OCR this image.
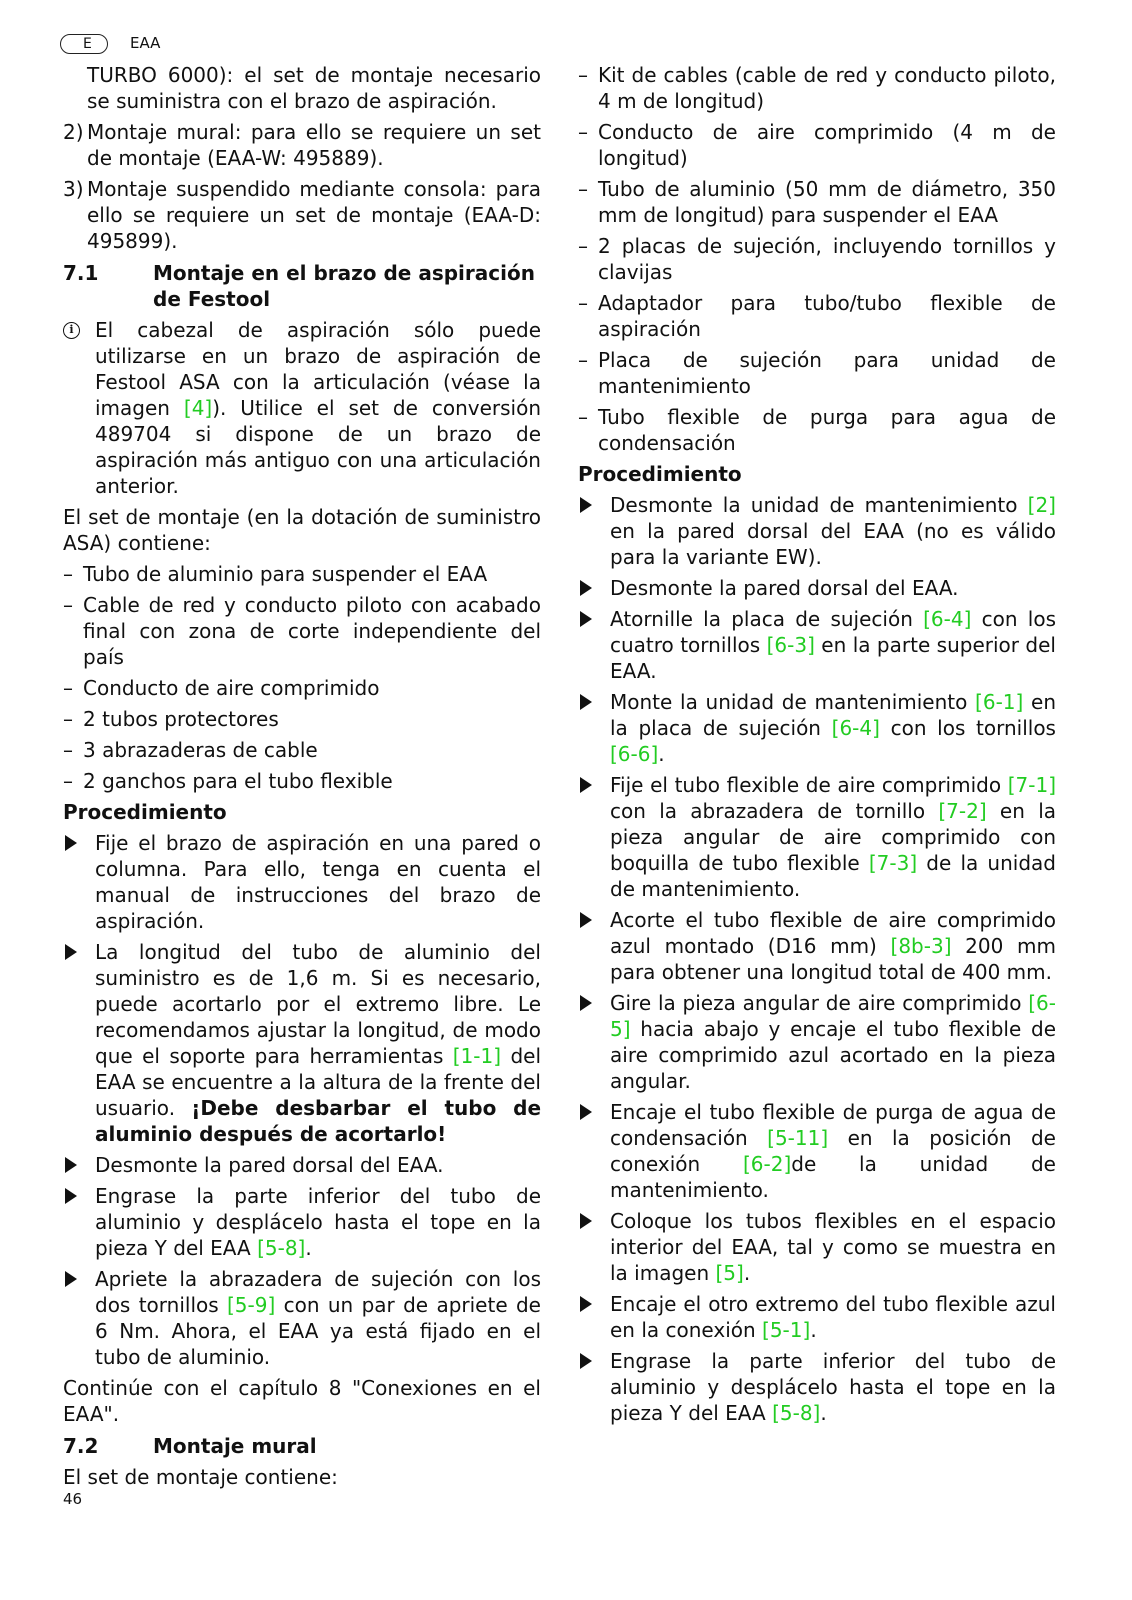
E	EAA

TURBO 6000): el set de montaje necesario se suministra con el brazo de aspiración.

2) Montaje mural: para ello se requiere un set de montaje (EAA-W: 495889).

3) Montaje suspendido mediante consola: para ello se requiere un set de montaje (EAA-D: 495899).

7.1	Montaje en el brazo de aspiración de Festool

i	El cabezal de aspiración sólo puede utilizarse en un brazo de aspiración de Festool ASA con la articulación (véase la imagen [4]). Utilice el set de conversión 489704 si dispone de un brazo de aspiración más antiguo con una articulación anterior.

El set de montaje (en la dotación de suministro ASA) contiene:

– Tubo de aluminio para suspender el EAA

– Cable de red y conducto piloto con acabado final con zona de corte independiente del país

– Conducto de aire comprimido

– 2 tubos protectores

– 3 abrazaderas de cable

– 2 ganchos para el tubo flexible

Procedimiento

Fije el brazo de aspiración en una pared o columna. Para ello, tenga en cuenta el manual de instrucciones del brazo de aspiración.

La longitud del tubo de aluminio del suministro es de 1,6 m. Si es necesario, puede acortarlo por el extremo libre. Le recomendamos ajustar la longitud, de modo que el soporte para herramientas [1-1] del EAA se encuentre a la altura de la frente del usuario. ¡Debe desbarbar el tubo de aluminio después de acortarlo!

Desmonte la pared dorsal del EAA.

Engrase la parte inferior del tubo de aluminio y desplácelo hasta el tope en la pieza Y del EAA [5-8].

Apriete la abrazadera de sujeción con los dos tornillos [5-9] con un par de apriete de 6 Nm. Ahora, el EAA ya está fijado en el tubo de aluminio.

Continúe con el capítulo 8 "Conexiones en el EAA".

7.2	Montaje mural

El set de montaje contiene:

– Kit de cables (cable de red y conducto piloto, 4 m de longitud)

– Conducto de aire comprimido (4 m de longitud)

– Tubo de aluminio (50 mm de diámetro, 350 mm de longitud) para suspender el EAA

– 2 placas de sujeción, incluyendo tornillos y clavijas

– Adaptador para tubo/tubo flexible de aspiración

– Placa de sujeción para unidad de mantenimiento

– Tubo flexible de purga para agua de condensación

Procedimiento

Desmonte la unidad de mantenimiento [2] en la pared dorsal del EAA (no es válido para la variante EW).

Desmonte la pared dorsal del EAA.

Atornille la placa de sujeción [6-4] con los cuatro tornillos [6-3] en la parte superior del EAA.

Monte la unidad de mantenimiento [6-1] en la placa de sujeción [6-4] con los tornillos [6-6].

Fije el tubo flexible de aire comprimido [7-1] con la abrazadera de tornillo [7-2] en la pieza angular de aire comprimido con boquilla de tubo flexible [7-3] de la unidad de mantenimiento.

Acorte el tubo flexible de aire comprimido azul montado (D16 mm) [8b-3] 200 mm para obtener una longitud total de 400 mm.

Gire la pieza angular de aire comprimido [6-5] hacia abajo y encaje el tubo flexible de aire comprimido azul acortado en la pieza angular.

Encaje el tubo flexible de purga de agua de condensación [5-11] en la posición de conexión [6-2]de la unidad de mantenimiento.

Coloque los tubos flexibles en el espacio interior del EAA, tal y como se muestra en la imagen [5].

Encaje el otro extremo del tubo flexible azul en la conexión [5-1].

Engrase la parte inferior del tubo de aluminio y desplácelo hasta el tope en la pieza Y del EAA [5-8].

46
